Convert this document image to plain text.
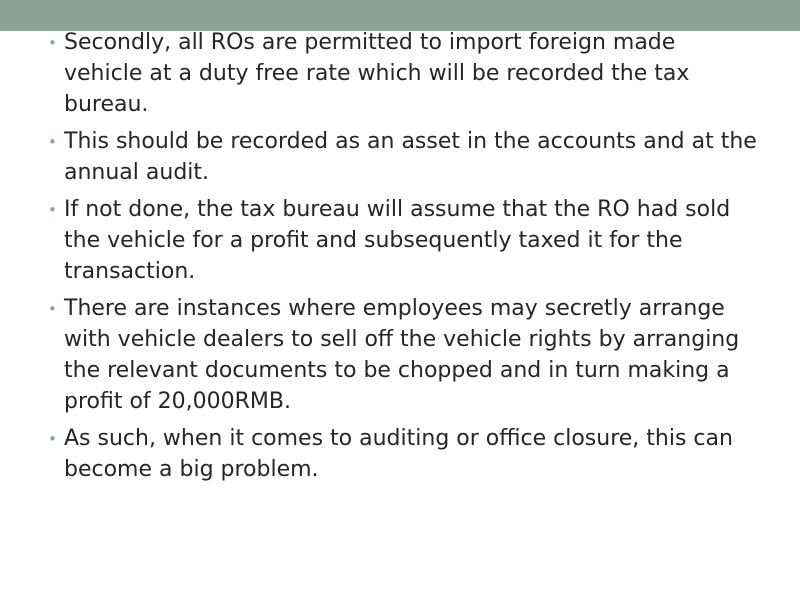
• Secondly, all ROs are permitted to import foreign made vehicle at a duty free rate which will be recorded the tax bureau.
• This should be recorded as an asset in the accounts and at the annual audit.
• If not done, the tax bureau will assume that the RO had sold the vehicle for a profit and subsequently taxed it for the transaction.
• There are instances where employees may secretly arrange with vehicle dealers to sell off the vehicle rights by arranging the relevant documents to be chopped and in turn making a profit of 20,000RMB.
• As such, when it comes to auditing or office closure, this can become a big problem.
